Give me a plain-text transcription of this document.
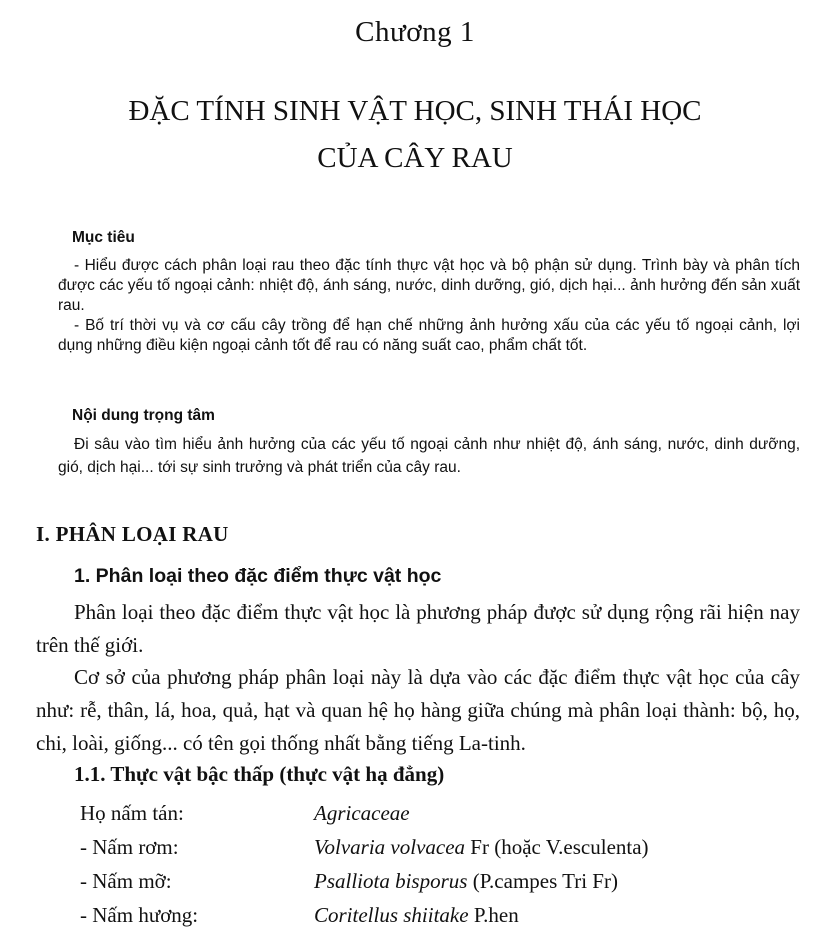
Chương 1
ĐẶC TÍNH SINH VẬT HỌC, SINH THÁI HỌC
CỦA CÂY RAU
Mục tiêu

- Hiểu được cách phân loại rau theo đặc tính thực vật học và bộ phận sử dụng. Trình bày và phân tích được các yếu tố ngoại cảnh: nhiệt độ, ánh sáng, nước, dinh dưỡng, gió, dịch hại... ảnh hưởng đến sản xuất rau.

- Bố trí thời vụ và cơ cấu cây trồng để hạn chế những ảnh hưởng xấu của các yếu tố ngoại cảnh, lợi dụng những điều kiện ngoại cảnh tốt để rau có năng suất cao, phẩm chất tốt.

Nội dung trọng tâm
Đi sâu vào tìm hiểu ảnh hưởng của các yếu tố ngoại cảnh như nhiệt độ, ánh sáng, nước, dinh dưỡng, gió, dịch hại... tới sự sinh trưởng và phát triển của cây rau.
I. PHÂN LOẠI RAU
1. Phân loại theo đặc điểm thực vật học
Phân loại theo đặc điểm thực vật học là phương pháp được sử dụng rộng rãi hiện nay trên thế giới.
Cơ sở của phương pháp phân loại này là dựa vào các đặc điểm thực vật học của cây như: rễ, thân, lá, hoa, quả, hạt và quan hệ họ hàng giữa chúng mà phân loại thành: bộ, họ, chi, loài, giống... có tên gọi thống nhất bằng tiếng La-tinh.
1.1. Thực vật bậc thấp (thực vật hạ đẳng)
Họ nấm tán:	Agricaceae
- Nấm rơm:	Volvaria volvacea Fr (hoặc V.esculenta)
- Nấm mỡ:	Psalliota bisporus (P.campes Tri Fr)
- Nấm hương:	Coritellus shiitake P.hen
